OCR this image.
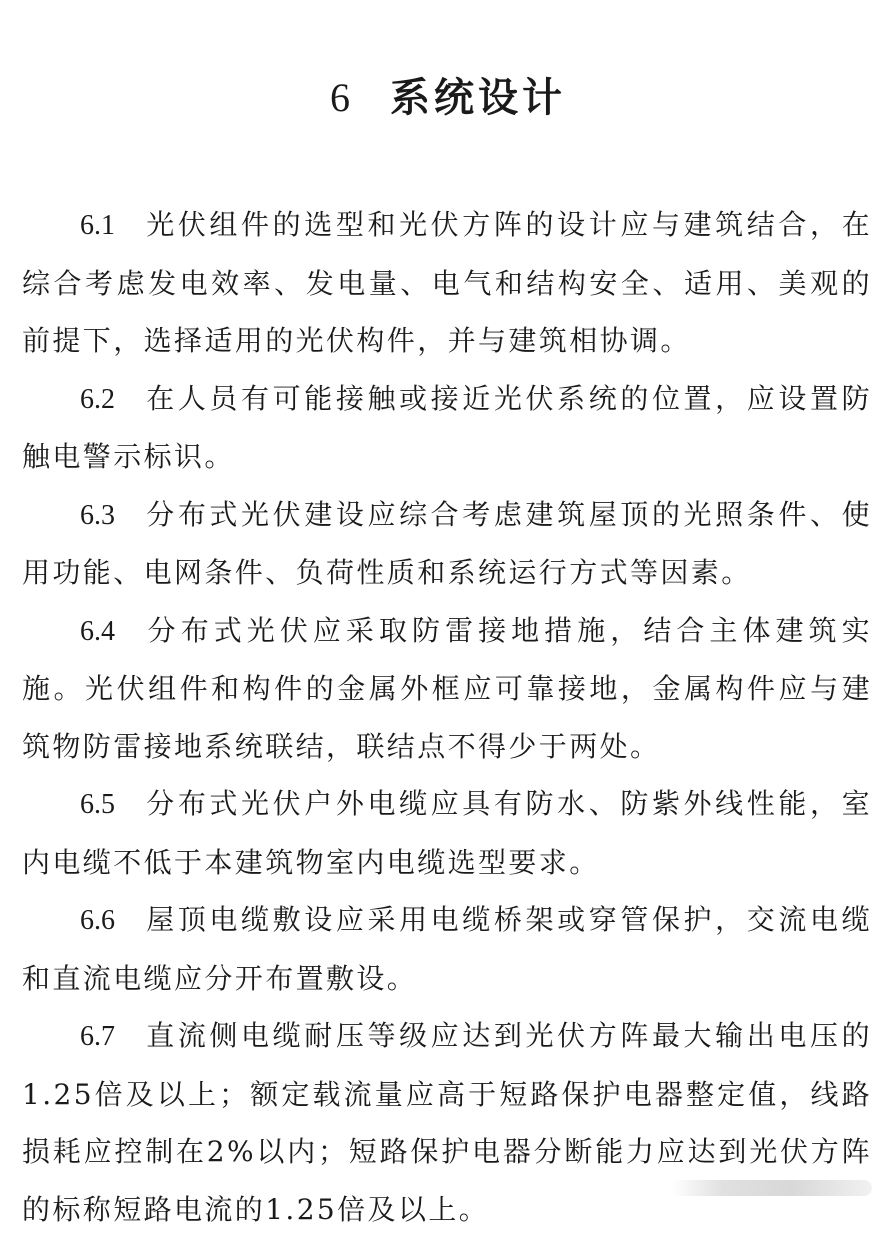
6 系统设计

6.1 光伏组件的选型和光伏方阵的设计应与建筑结合，在综合考虑发电效率、发电量、电气和结构安全、适用、美观的前提下，选择适用的光伏构件，并与建筑相协调。

6.2 在人员有可能接触或接近光伏系统的位置，应设置防触电警示标识。

6.3 分布式光伏建设应综合考虑建筑屋顶的光照条件、使用功能、电网条件、负荷性质和系统运行方式等因素。

6.4 分布式光伏应采取防雷接地措施，结合主体建筑实施。光伏组件和构件的金属外框应可靠接地，金属构件应与建筑物防雷接地系统联结，联结点不得少于两处。

6.5 分布式光伏户外电缆应具有防水、防紫外线性能，室内电缆不低于本建筑物室内电缆选型要求。

6.6 屋顶电缆敷设应采用电缆桥架或穿管保护，交流电缆和直流电缆应分开布置敷设。

6.7 直流侧电缆耐压等级应达到光伏方阵最大输出电压的1.25倍及以上；额定载流量应高于短路保护电器整定值，线路损耗应控制在2%以内；短路保护电器分断能力应达到光伏方阵的标称短路电流的1.25倍及以上。
